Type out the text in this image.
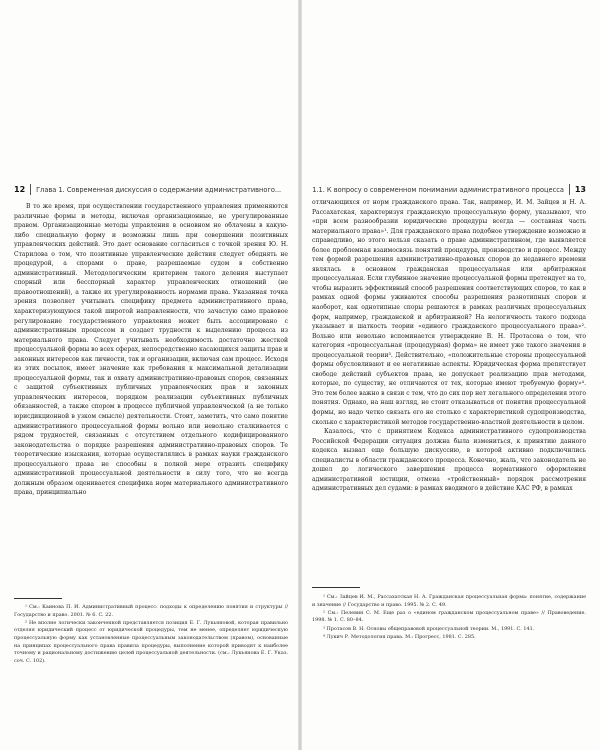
12 Глава 1. Современная дискуссия о содержании административного...

В то же время, при осуществлении государственного управления применяются различные формы и методы, включая организационные, не урегулированные правом. Организационные методы управления в основном не облачены в какую-либо специальную форму и возможны лишь при совершении позитивных управленческих действий. Это дает основание согласиться с точкой зрения Ю. Н. Старилова о том, что позитивные управленческие действия следует обеднять не процедурой, а спорами о праве, разрешаемые судом в собственно административный. Методологическим критерием такого деления выступает спорный или бесспорный характер управленческих отношений (не правоотношений), а также их урегулированность нормами права. Указанная точка зрения позволяет учитывать специфику предмета административного права, характеризующуюся такой широтой направленности, что зачастую само правовое регулирование государственного управления может быть ассоциировано с административным процессом и создает трудности к выделению процесса из материального права. Следует учитывать необходимость достаточно жесткой процессуальной формы во всех сферах, непосредственно касающихся защиты прав и законных интересов как личности, так и организации, включая сам процесс. Исходя из этих посылок, имеет значение как требования к максимальной детализации процессуальной формы, так и охвату административно-правовых споров, связанных с защитой субъективных публичных управленческих прав и законных управленческих интересов, порядком реализации субъективных публичных обязанностей, а также спором в процессе публичной управленческой (а не только юрисдикционной в узком смысле) деятельности. Стоит, заметить, что само понятие административного процессуальной формы вольно или невольно сталкивается с рядом трудностей, связанных с отсутствием отдельного кодифицированного законодательства о порядке разрешения административно-правовых споров. Те теоретические изыскания, которые осуществлялись в рамках науки гражданского процессуального права не способны в полной мере отразить специфику административной процессуальной деятельности в силу того, что не всегда должным образом оценивается специфика норм материального административного права, принципиально

¹ См.: Каинова П. И. Административный процесс: подходы к определению понятия и структуры // Государство и право. 2001. № 6. С. 22.

² Не вполне логически законченной представляется позиция Е. Г. Лукьяновой, которая правильно отделяя юридический процесс от юридической процедуры, тем не менее, определяет юридическую процессуальную форму как установленные процессуальным законодательством (правом), основанные на принципах процессуального права правила процедуры, выполнение которой приводит к наиболее точному и рациональному достижению целей процессуальной деятельности. (см.: Лукьянова Е. Г. Указ. соч. С. 102).

1.1. К вопросу о современном понимании административного процесса 13

отличающихся от норм гражданского права. Так, например, И. М. Зайцев и Н. А. Рассахатская, характеризуя гражданскую процессуальную форму, указывают, что «при всем разнообразии юридические процедуры всегда — составная часть материального права»¹. Для гражданского права подобное утверждение возможно и справедливо, но этого нельзя сказать о праве административном, где выявляется более проблемная взаимосвязь понятий процедура, производство и процесс. Между тем формой разрешения административно-правовых споров до недавнего времени являлась в основном гражданская процессуальная или арбитражная процессуальная. Если глубинное значение процессуальной формы претендует на то, чтобы выразить эффективный способ разрешения соответствующих споров, то как в рамках одной формы уживаются способы разрешения разнотипных споров и наоборот, как однотипные споры решаются в рамках различных процессуальных форм, например, гражданской и арбитражной? На нелогичность такого подхода указывает и шаткость теории «единого гражданского процессуального права»². Вольно или невольно вспоминается утверждение В. Н. Протасова о том, что категория «процессуальная (процедурная) форма» не имеет уже такого значения в процессуальной теории³. Действительно, «положительные стороны процессуальной формы обусловливают и ее негативные аспекты. Юридическая форма препятствует свободе действий субъектов права, не допускает реализацию прав методами, которые, по существу, не отличаются от тех, которые имеют требуемую форму»⁴. Это тем более важно в связи с тем, что до сих пор нет легального определения этого понятия. Однако, на наш взгляд, не стоит отказываться от понятия процессуальной формы, но надо четко связать его не столько с характеристикой судопроизводства, сколько с характеристикой методов государственно-властной деятельности в целом.

Казалось, что с принятием Кодекса административного судопроизводства Российской Федерации ситуация должна была измениться, к принятию данного кодекса вызвал еще большую дискуссию, в которой активно подключились специалисты в области гражданского процесса. Конечно, жаль, что законодатель не дошел до логического завершения процесса нормативного оформления административной юстиции, отмена «тройственный» порядок рассмотрения административных дел судами: в рамках вводимого в действие КАС РФ, в рамках

¹ См.: Зайцев И. М., Рассахатская Н. А. Гражданская процессуальная форма: понятие, содержание и значение // Государство и право. 1995. № 2. С. 49.

² См.: Пелевин С. М. Еще раз о «едином гражданском процессуальном праве» // Правоведение. 1998. № 1. С. 80–84.

³ Протасов В. Н. Основы общеправовой процессуальной теории. М., 1991. С. 141.

⁴ Лукич Р. Методология права. М.: Прогресс, 1981. С. 285.
